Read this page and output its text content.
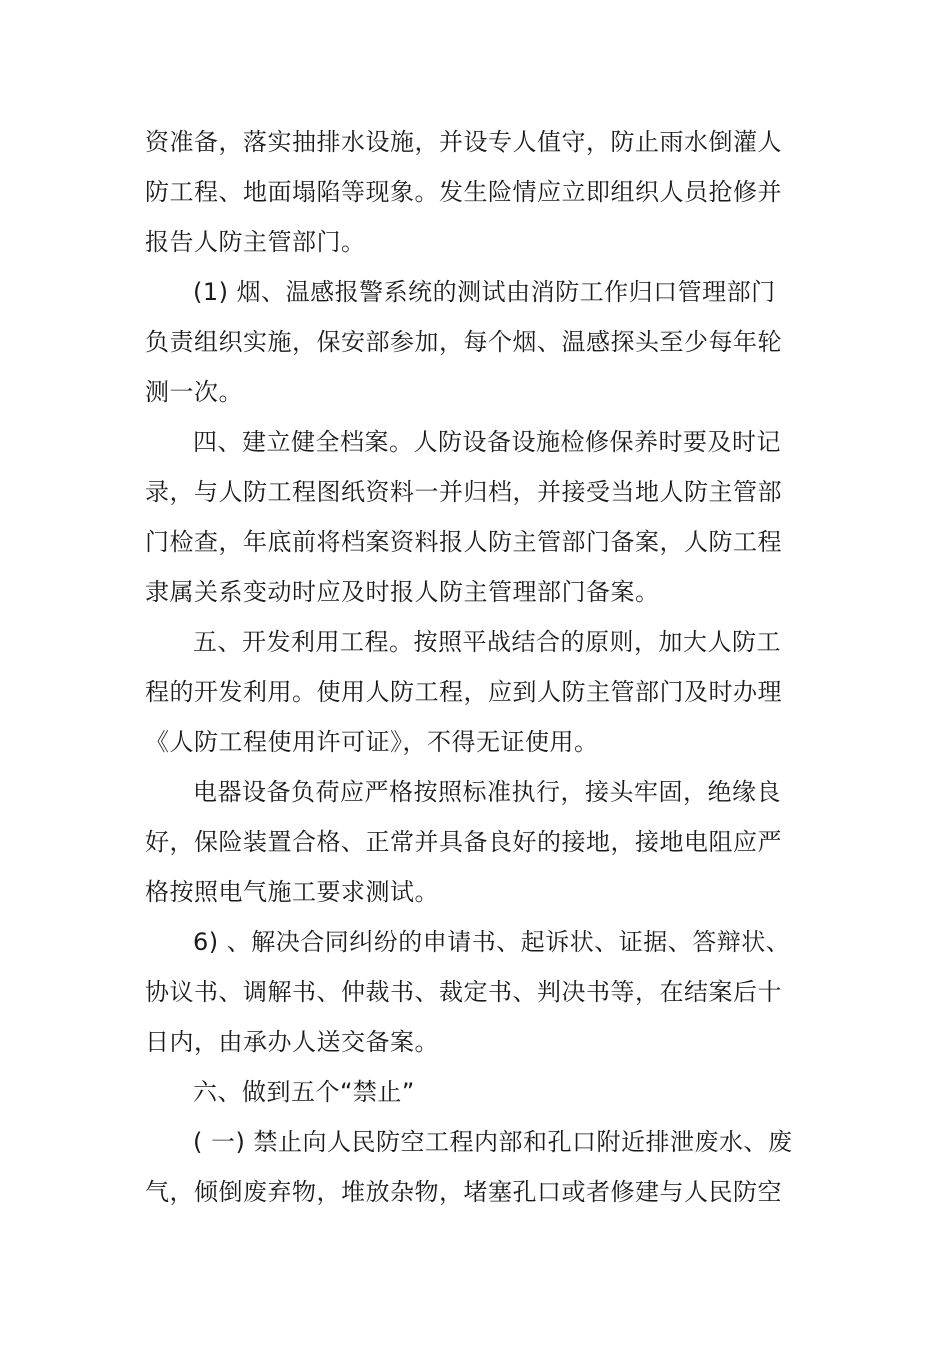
资准备，落实抽排水设施，并设专人值守，防止雨水倒灌人
防工程、地面塌陷等现象。发生险情应立即组织人员抢修并
报告人防主管部门。
(1) 烟、温感报警系统的测试由消防工作归口管理部门
负责组织实施，保安部参加，每个烟、温感探头至少每年轮
测一次。
四、建立健全档案。人防设备设施检修保养时要及时记
录，与人防工程图纸资料一并归档，并接受当地人防主管部
门检查，年底前将档案资料报人防主管部门备案，人防工程
隶属关系变动时应及时报人防主管理部门备案。
五、开发利用工程。按照平战结合的原则，加大人防工
程的开发利用。使用人防工程，应到人防主管部门及时办理
《人防工程使用许可证》，不得无证使用。
电器设备负荷应严格按照标准执行，接头牢固，绝缘良
好，保险装置合格、正常并具备良好的接地，接地电阻应严
格按照电气施工要求测试。
6) 、解决合同纠纷的申请书、起诉状、证据、答辩状、
协议书、调解书、仲裁书、裁定书、判决书等，在结案后十
日内，由承办人送交备案。
六、做到五个“禁止”
( 一) 禁止向人民防空工程内部和孔口附近排泄废水、废
气，倾倒废弃物，堆放杂物，堵塞孔口或者修建与人民防空
